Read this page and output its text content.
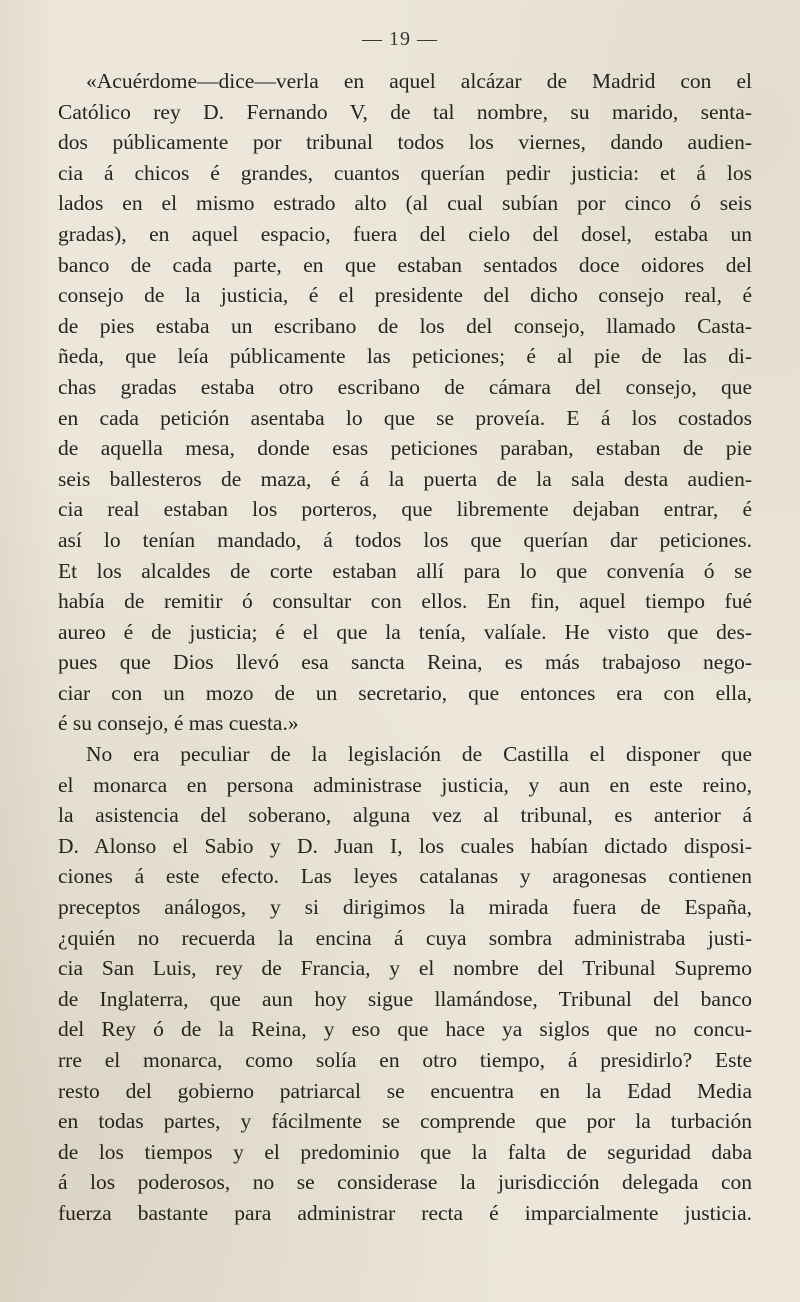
— 19 —
«Acuérdome—dice—verla en aquel alcázar de Madrid con el
Católico rey D. Fernando V, de tal nombre, su marido, senta-
dos públicamente por tribunal todos los viernes, dando audien-
cia á chicos é grandes, cuantos querían pedir justicia: et á los
lados en el mismo estrado alto (al cual subían por cinco ó seis
gradas), en aquel espacio, fuera del cielo del dosel, estaba un
banco de cada parte, en que estaban sentados doce oidores del
consejo de la justicia, é el presidente del dicho consejo real, é
de pies estaba un escribano de los del consejo, llamado Casta-
ñeda, que leía públicamente las peticiones; é al pie de las di-
chas gradas estaba otro escribano de cámara del consejo, que
en cada petición asentaba lo que se proveía. E á los costados
de aquella mesa, donde esas peticiones paraban, estaban de pie
seis ballesteros de maza, é á la puerta de la sala desta audien-
cia real estaban los porteros, que libremente dejaban entrar, é
así lo tenían mandado, á todos los que querían dar peticiones.
Et los alcaldes de corte estaban allí para lo que convenía ó se
había de remitir ó consultar con ellos. En fin, aquel tiempo fué
aureo é de justicia; é el que la tenía, valíale. He visto que des-
pues que Dios llevó esa sancta Reina, es más trabajoso nego-
ciar con un mozo de un secretario, que entonces era con ella,
é su consejo, é mas cuesta.»
No era peculiar de la legislación de Castilla el disponer que
el monarca en persona administrase justicia, y aun en este reino,
la asistencia del soberano, alguna vez al tribunal, es anterior á
D. Alonso el Sabio y D. Juan I, los cuales habían dictado disposi-
ciones á este efecto. Las leyes catalanas y aragonesas contienen
preceptos análogos, y si dirigimos la mirada fuera de España,
¿quién no recuerda la encina á cuya sombra administraba justi-
cia San Luis, rey de Francia, y el nombre del Tribunal Supremo
de Inglaterra, que aun hoy sigue llamándose, Tribunal del banco
del Rey ó de la Reina, y eso que hace ya siglos que no concu-
rre el monarca, como solía en otro tiempo, á presidirlo? Este
resto del gobierno patriarcal se encuentra en la Edad Media
en todas partes, y fácilmente se comprende que por la turbación
de los tiempos y el predominio que la falta de seguridad daba
á los poderosos, no se considerase la jurisdicción delegada con
fuerza bastante para administrar recta é imparcialmente justicia.
